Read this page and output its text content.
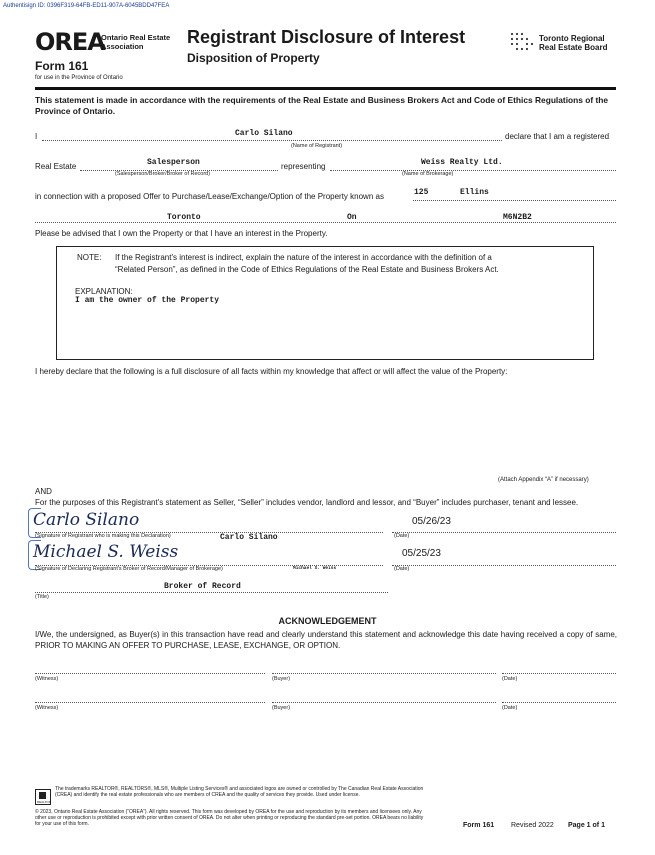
Authentisign ID: 0396F319-64FB-ED11-907A-6045BDD47FEA
OREA
Ontario Real Estate
Association
Form 161
for use in the Province of Ontario
Registrant Disclosure of Interest
Disposition of Property
Toronto Regional
Real Estate Board
This statement is made in accordance with the requirements of the Real Estate and Business Brokers Act and Code of Ethics Regulations of the Province of Ontario.
I	Carlo Silano	declare that I am a registered
(Name of Registrant)
Real Estate	Salesperson	representing	Weiss Realty Ltd.
(Salesperson/Broker/Broker of Record)	(Name of Brokerage)
in connection with a proposed Offer to Purchase/Lease/Exchange/Option of the Property known as	125	Ellins
Toronto	On	M6N2B2
Please be advised that I own the Property or that I have an interest in the Property.
NOTE: If the Registrant's interest is indirect, explain the nature of the interest in accordance with the definition of a
“Related Person”, as defined in the Code of Ethics Regulations of the Real Estate and Business Brokers Act.
EXPLANATION:
I am the owner of the Property
I hereby declare that the following is a full disclosure of all facts within my knowledge that affect or will affect the value of the Property:
(Attach Appendix “A” if necessary)
AND
For the purposes of this Registrant's statement as Seller, “Seller” includes vendor, landlord and lessor, and “Buyer” includes purchaser, tenant and lessee.
Carlo Silano
Carlo Silano
(Signature of Registrant who is making this Declaration)
05/26/23
(Date)
Michael S. Weiss
Michael S. Weiss
(Signature of Declaring Registrant's Broker of Record/Manager of Brokerage)
05/25/23
(Date)
Broker of Record
(Title)
ACKNOWLEDGEMENT
I/We, the undersigned, as Buyer(s) in this transaction have read and clearly understand this statement and acknowledge this date having received a copy of same, PRIOR TO MAKING AN OFFER TO PURCHASE, LEASE, EXCHANGE, OR OPTION.
(Witness)	(Buyer)	(Date)
(Witness)	(Buyer)	(Date)
REALTOR
The trademarks REALTOR®, REALTORS®, MLS®, Multiple Listing Services® and associated logos are owned or controlled by The Canadian Real Estate Association (CREA) and identify the real estate professionals who are members of CREA and the quality of services they provide. Used under license.
© 2023, Ontario Real Estate Association (“OREA”). All rights reserved. This form was developed by OREA for the use and reproduction by its members and licensees only. Any other use or reproduction is prohibited except with prior written consent of OREA. Do not alter when printing or reproducing the standard pre-set portion. OREA bears no liability for your use of this form.	Form 161 Revised 2022 Page 1 of 1
